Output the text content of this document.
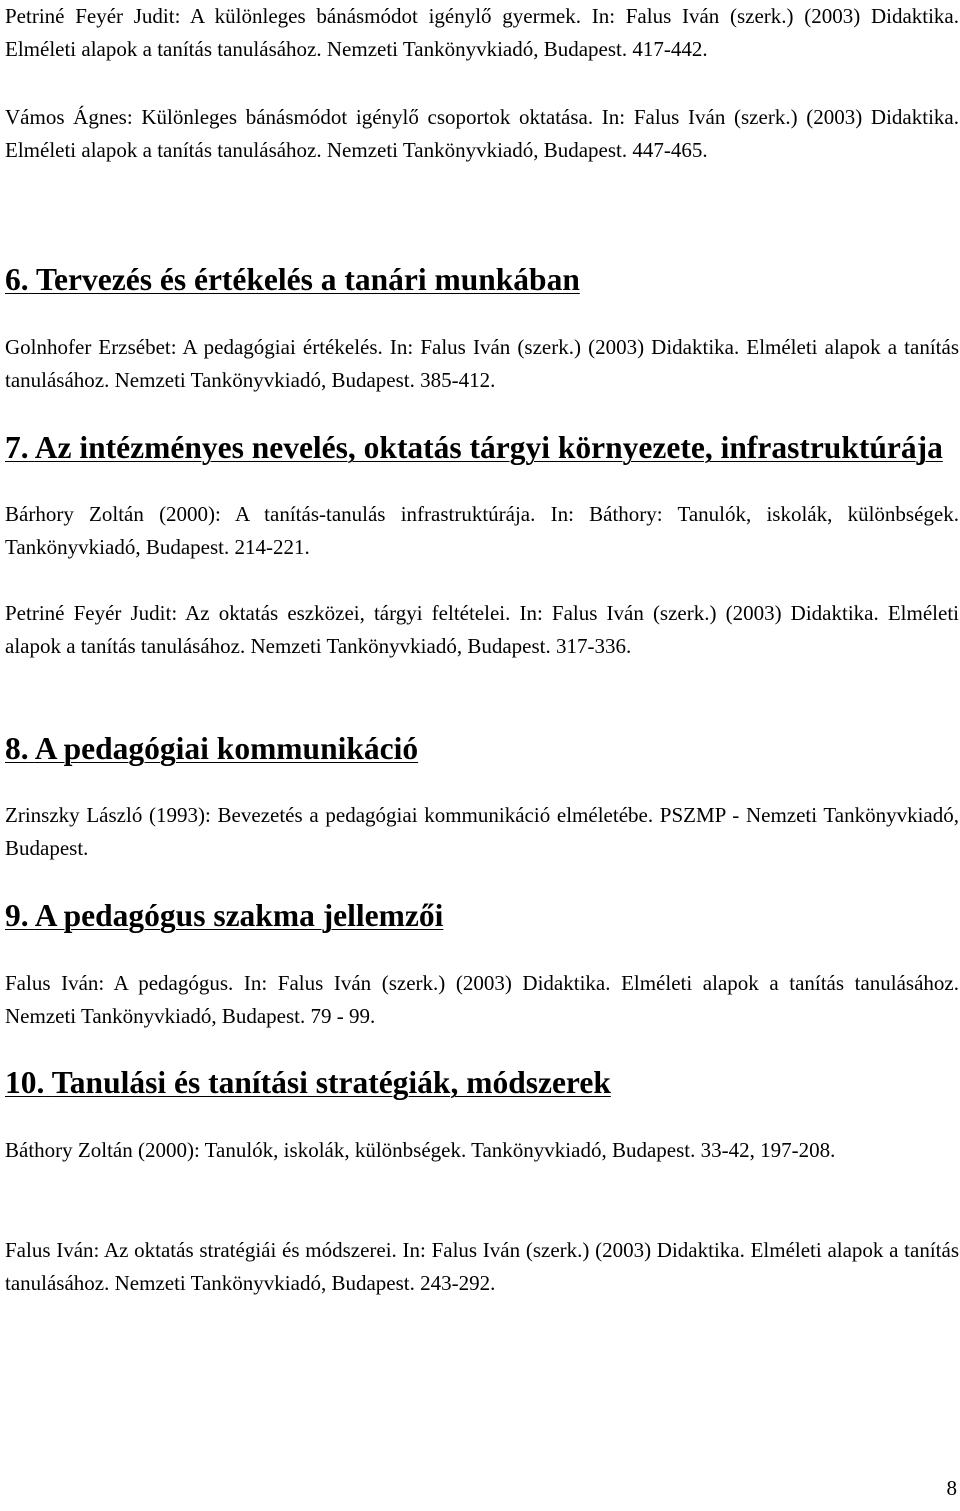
Petriné Feyér Judit: A különleges bánásmódot igénylő gyermek. In: Falus Iván (szerk.) (2003) Didaktika. Elméleti alapok a tanítás tanulásához. Nemzeti Tankönyvkiadó, Budapest. 417-442.

Vámos Ágnes: Különleges bánásmódot igénylő csoportok oktatása. In: Falus Iván (szerk.) (2003) Didaktika. Elméleti alapok a tanítás tanulásához. Nemzeti Tankönyvkiadó, Budapest. 447-465.

6. Tervezés és értékelés a tanári munkában

Golnhofer Erzsébet: A pedagógiai értékelés. In: Falus Iván (szerk.) (2003) Didaktika. Elméleti alapok a tanítás tanulásához. Nemzeti Tankönyvkiadó, Budapest. 385-412.

7. Az intézményes nevelés, oktatás tárgyi környezete, infrastruktúrája

Bárhory Zoltán (2000): A tanítás-tanulás infrastruktúrája. In: Báthory: Tanulók, iskolák, különbségek. Tankönyvkiadó, Budapest. 214-221.

Petriné Feyér Judit: Az oktatás eszközei, tárgyi feltételei. In: Falus Iván (szerk.) (2003) Didaktika. Elméleti alapok a tanítás tanulásához. Nemzeti Tankönyvkiadó, Budapest. 317-336.

8. A pedagógiai kommunikáció

Zrinszky László (1993): Bevezetés a pedagógiai kommunikáció elméletébe. PSZMP - Nemzeti Tankönyvkiadó, Budapest.

9. A pedagógus szakma jellemzői

Falus Iván: A pedagógus. In: Falus Iván (szerk.) (2003) Didaktika. Elméleti alapok a tanítás tanulásához. Nemzeti Tankönyvkiadó, Budapest. 79 - 99.

10. Tanulási és tanítási stratégiák, módszerek

Báthory Zoltán (2000): Tanulók, iskolák, különbségek. Tankönyvkiadó, Budapest. 33-42, 197-208.

Falus Iván: Az oktatás stratégiái és módszerei. In: Falus Iván (szerk.) (2003) Didaktika. Elméleti alapok a tanítás tanulásához. Nemzeti Tankönyvkiadó, Budapest. 243-292.

8
